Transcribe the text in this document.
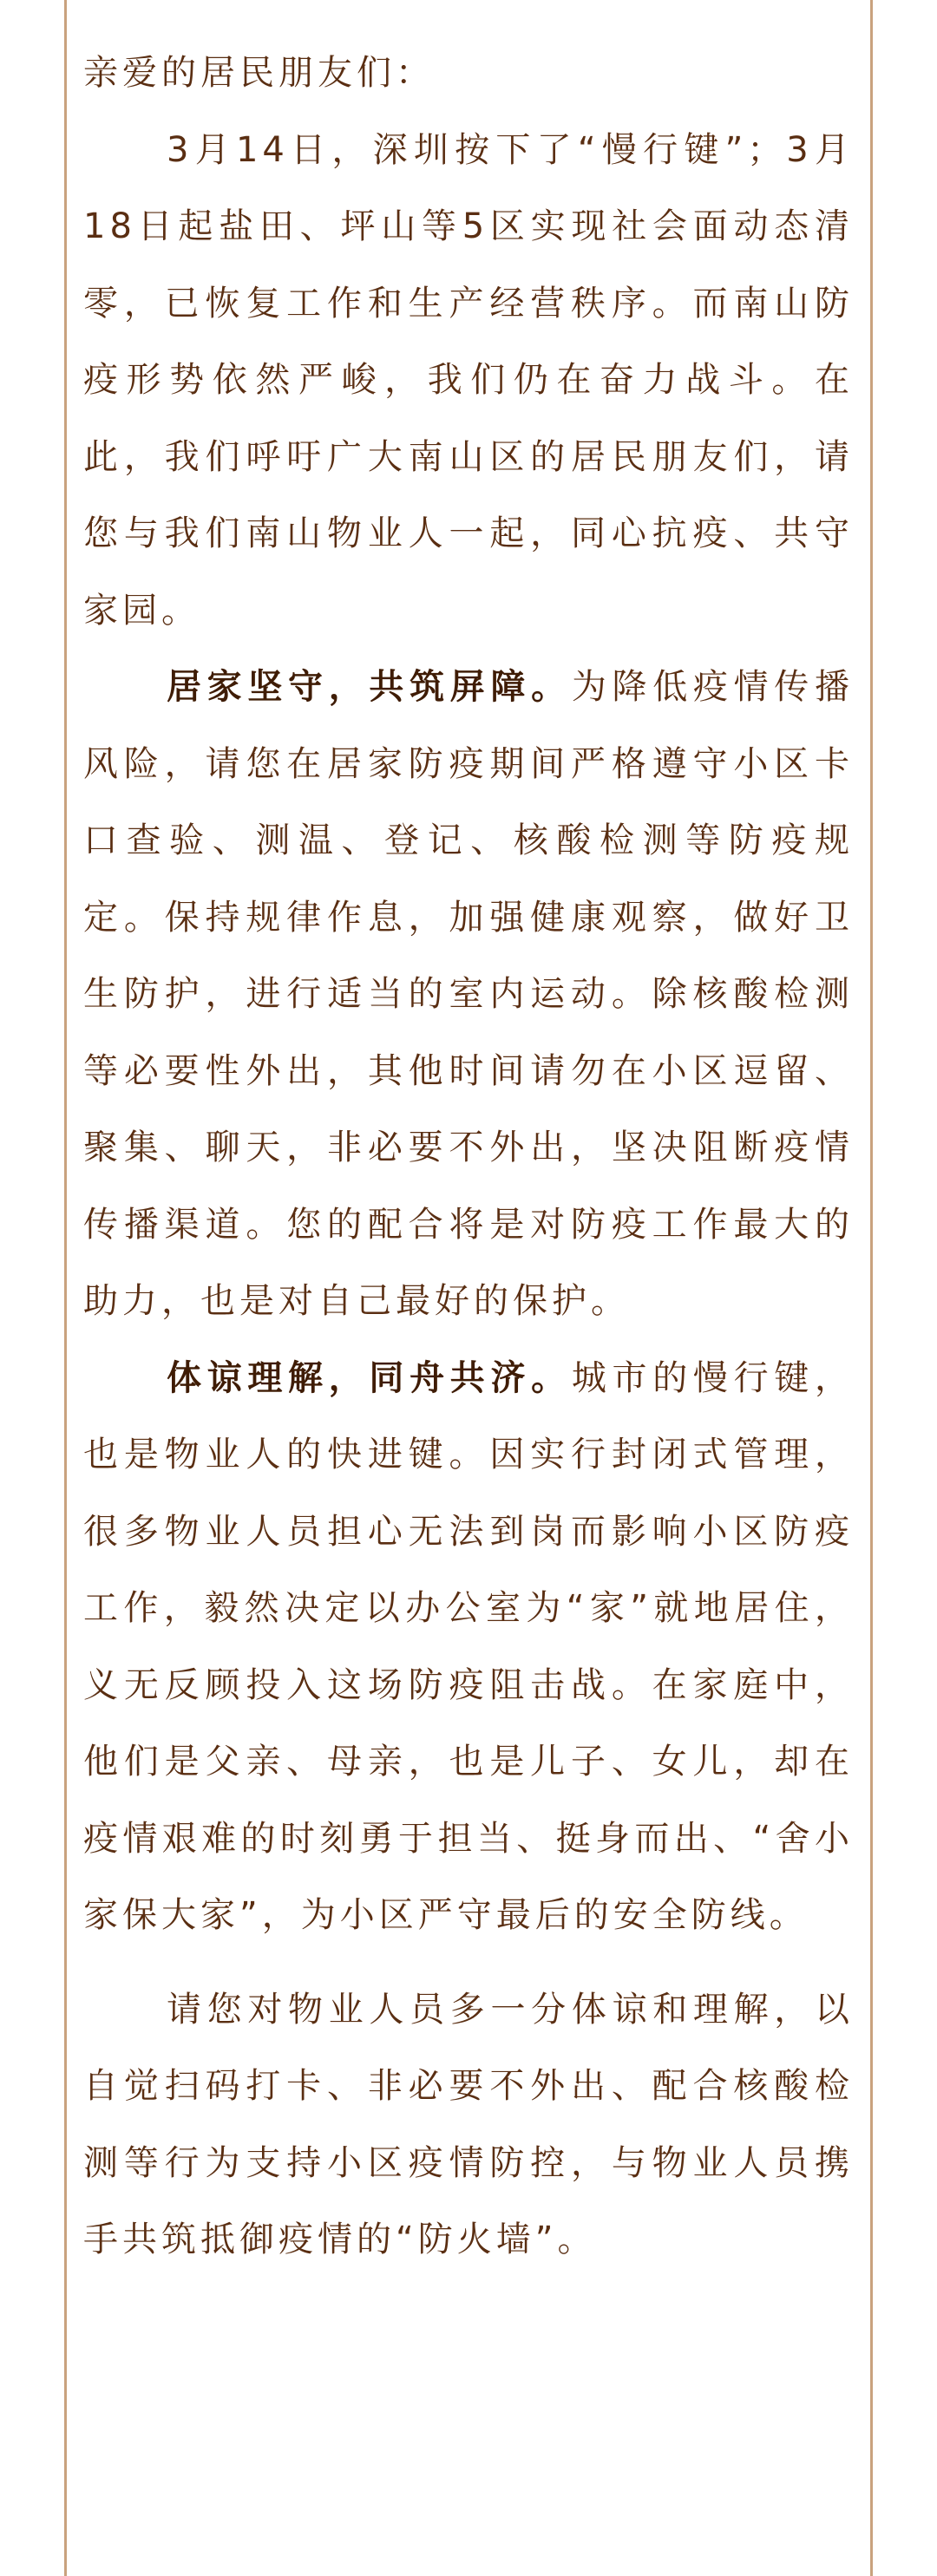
亲爱的居民朋友们：

3月14日，深圳按下了“慢行键”；3月18日起盐田、坪山等5区实现社会面动态清零，已恢复工作和生产经营秩序。而南山防疫形势依然严峻，我们仍在奋力战斗。在此，我们呼吁广大南山区的居民朋友们，请您与我们南山物业人一起，同心抗疫、共守家园。

居家坚守，共筑屏障。为降低疫情传播风险，请您在居家防疫期间严格遵守小区卡口查验、测温、登记、核酸检测等防疫规定。保持规律作息，加强健康观察，做好卫生防护，进行适当的室内运动。除核酸检测等必要性外出，其他时间请勿在小区逗留、聚集、聊天，非必要不外出，坚决阻断疫情传播渠道。您的配合将是对防疫工作最大的助力，也是对自己最好的保护。

体谅理解，同舟共济。城市的慢行键，也是物业人的快进键。因实行封闭式管理，很多物业人员担心无法到岗而影响小区防疫工作，毅然决定以办公室为“家”就地居住，义无反顾投入这场防疫阻击战。在家庭中，他们是父亲、母亲，也是儿子、女儿，却在疫情艰难的时刻勇于担当、挺身而出、“舍小家保大家”，为小区严守最后的安全防线。

请您对物业人员多一分体谅和理解，以自觉扫码打卡、非必要不外出、配合核酸检测等行为支持小区疫情防控，与物业人员携手共筑抵御疫情的“防火墙”。
